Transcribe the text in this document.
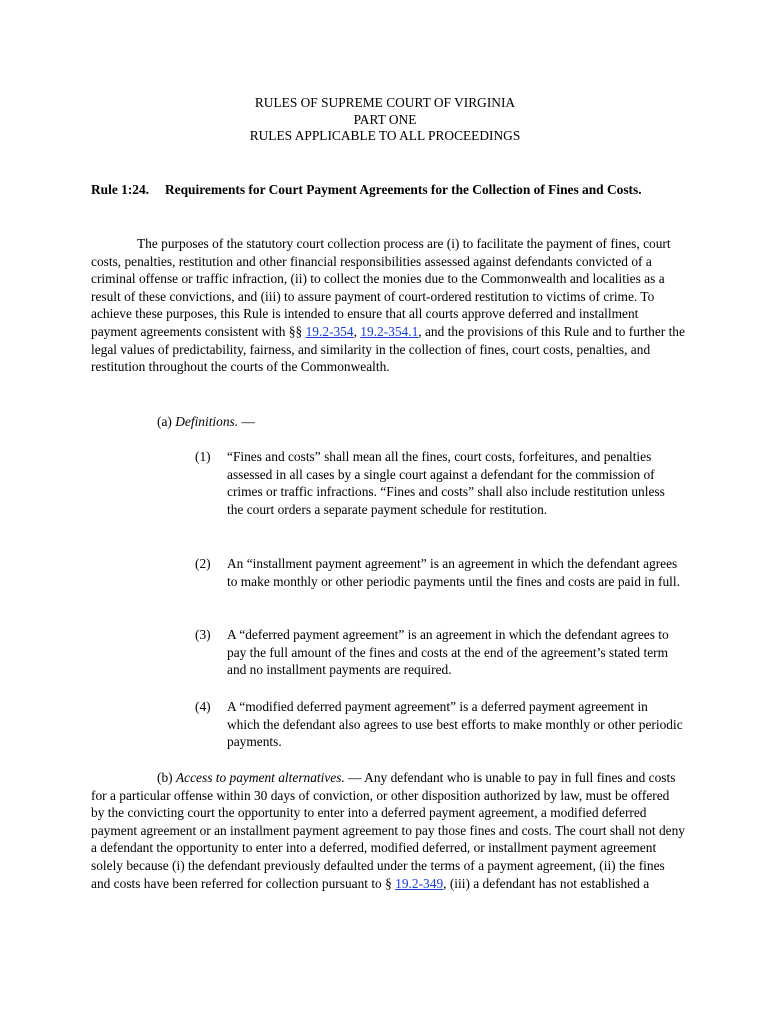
RULES OF SUPREME COURT OF VIRGINIA
PART ONE
RULES APPLICABLE TO ALL PROCEEDINGS
Rule 1:24. Requirements for Court Payment Agreements for the Collection of Fines and Costs.
The purposes of the statutory court collection process are (i) to facilitate the payment of fines, court costs, penalties, restitution and other financial responsibilities assessed against defendants convicted of a criminal offense or traffic infraction, (ii) to collect the monies due to the Commonwealth and localities as a result of these convictions, and (iii) to assure payment of court-ordered restitution to victims of crime. To achieve these purposes, this Rule is intended to ensure that all courts approve deferred and installment payment agreements consistent with §§ 19.2-354, 19.2-354.1, and the provisions of this Rule and to further the legal values of predictability, fairness, and similarity in the collection of fines, court costs, penalties, and restitution throughout the courts of the Commonwealth.
(a) Definitions. —
(1) “Fines and costs” shall mean all the fines, court costs, forfeitures, and penalties assessed in all cases by a single court against a defendant for the commission of crimes or traffic infractions. “Fines and costs” shall also include restitution unless the court orders a separate payment schedule for restitution.
(2) An “installment payment agreement” is an agreement in which the defendant agrees to make monthly or other periodic payments until the fines and costs are paid in full.
(3) A “deferred payment agreement” is an agreement in which the defendant agrees to pay the full amount of the fines and costs at the end of the agreement’s stated term and no installment payments are required.
(4) A “modified deferred payment agreement” is a deferred payment agreement in which the defendant also agrees to use best efforts to make monthly or other periodic payments.
(b) Access to payment alternatives. — Any defendant who is unable to pay in full fines and costs for a particular offense within 30 days of conviction, or other disposition authorized by law, must be offered by the convicting court the opportunity to enter into a deferred payment agreement, a modified deferred payment agreement or an installment payment agreement to pay those fines and costs. The court shall not deny a defendant the opportunity to enter into a deferred, modified deferred, or installment payment agreement solely because (i) the defendant previously defaulted under the terms of a payment agreement, (ii) the fines and costs have been referred for collection pursuant to § 19.2-349, (iii) a defendant has not established a
